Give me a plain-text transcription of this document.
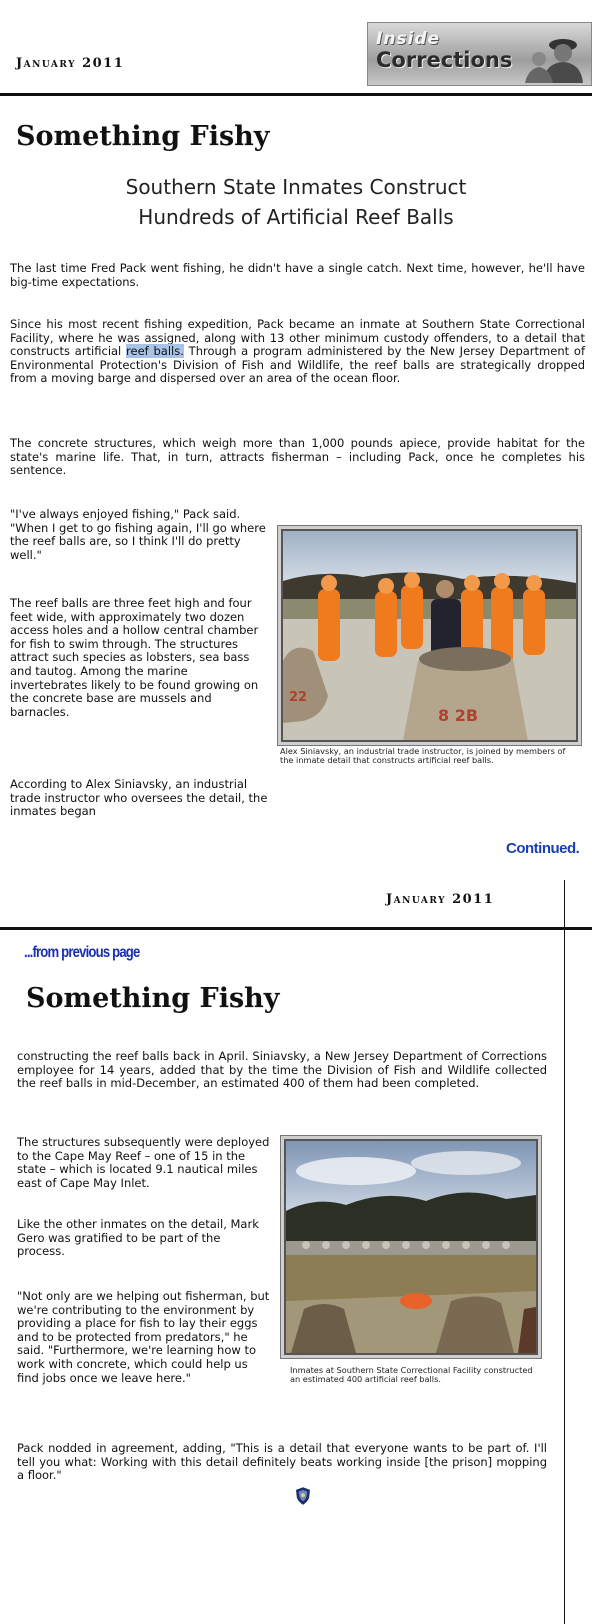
January 2011
Inside
Corrections
Something Fishy
Southern State Inmates Construct
Hundreds of Artificial Reef Balls

The last time Fred Pack went fishing, he didn't have a single catch. Next time, however, he'll have big-time expectations.

Since his most recent fishing expedition, Pack became an inmate at Southern State Correctional Facility, where he was assigned, along with 13 other minimum custody offenders, to a detail that constructs artificial reef balls. Through a program administered by the New Jersey Department of Environmental Protection's Division of Fish and Wildlife, the reef balls are strategically dropped from a moving barge and dispersed over an area of the ocean floor.

The concrete structures, which weigh more than 1,000 pounds apiece, provide habitat for the state's marine life. That, in turn, attracts fisherman – including Pack, once he completes his sentence.

"I've always enjoyed fishing," Pack said. "When I get to go fishing again, I'll go where the reef balls are, so I think I'll do pretty well."

The reef balls are three feet high and four feet wide, with approximately two dozen access holes and a hollow central chamber for fish to swim through. The structures attract such species as lobsters, sea bass and tautog. Among the marine invertebrates likely to be found growing on the concrete base are mussels and barnacles.

According to Alex Siniavsky, an industrial trade instructor who oversees the detail, the inmates began

8 2B
22

Alex Siniavsky, an industrial trade instructor, is joined by members of the inmate detail that constructs artificial reef balls.

Continued.
January 2011
...from previous page
Something Fishy

constructing the reef balls back in April. Siniavsky, a New Jersey Department of Corrections employee for 14 years, added that by the time the Division of Fish and Wildlife collected the reef balls in mid-December, an estimated 400 of them had been completed.

The structures subsequently were deployed to the Cape May Reef – one of 15 in the state – which is located 9.1 nautical miles east of Cape May Inlet.

Like the other inmates on the detail, Mark Gero was gratified to be part of the process.

"Not only are we helping out fisherman, but we're contributing to the environment by providing a place for fish to lay their eggs and to be protected from predators," he said. "Furthermore, we're learning how to work with concrete, which could help us find jobs once we leave here."

Inmates at Southern State Correctional Facility constructed an estimated 400 artificial reef balls.

Pack nodded in agreement, adding, "This is a detail that everyone wants to be part of. I'll tell you what: Working with this detail definitely beats working inside [the prison] mopping a floor."
